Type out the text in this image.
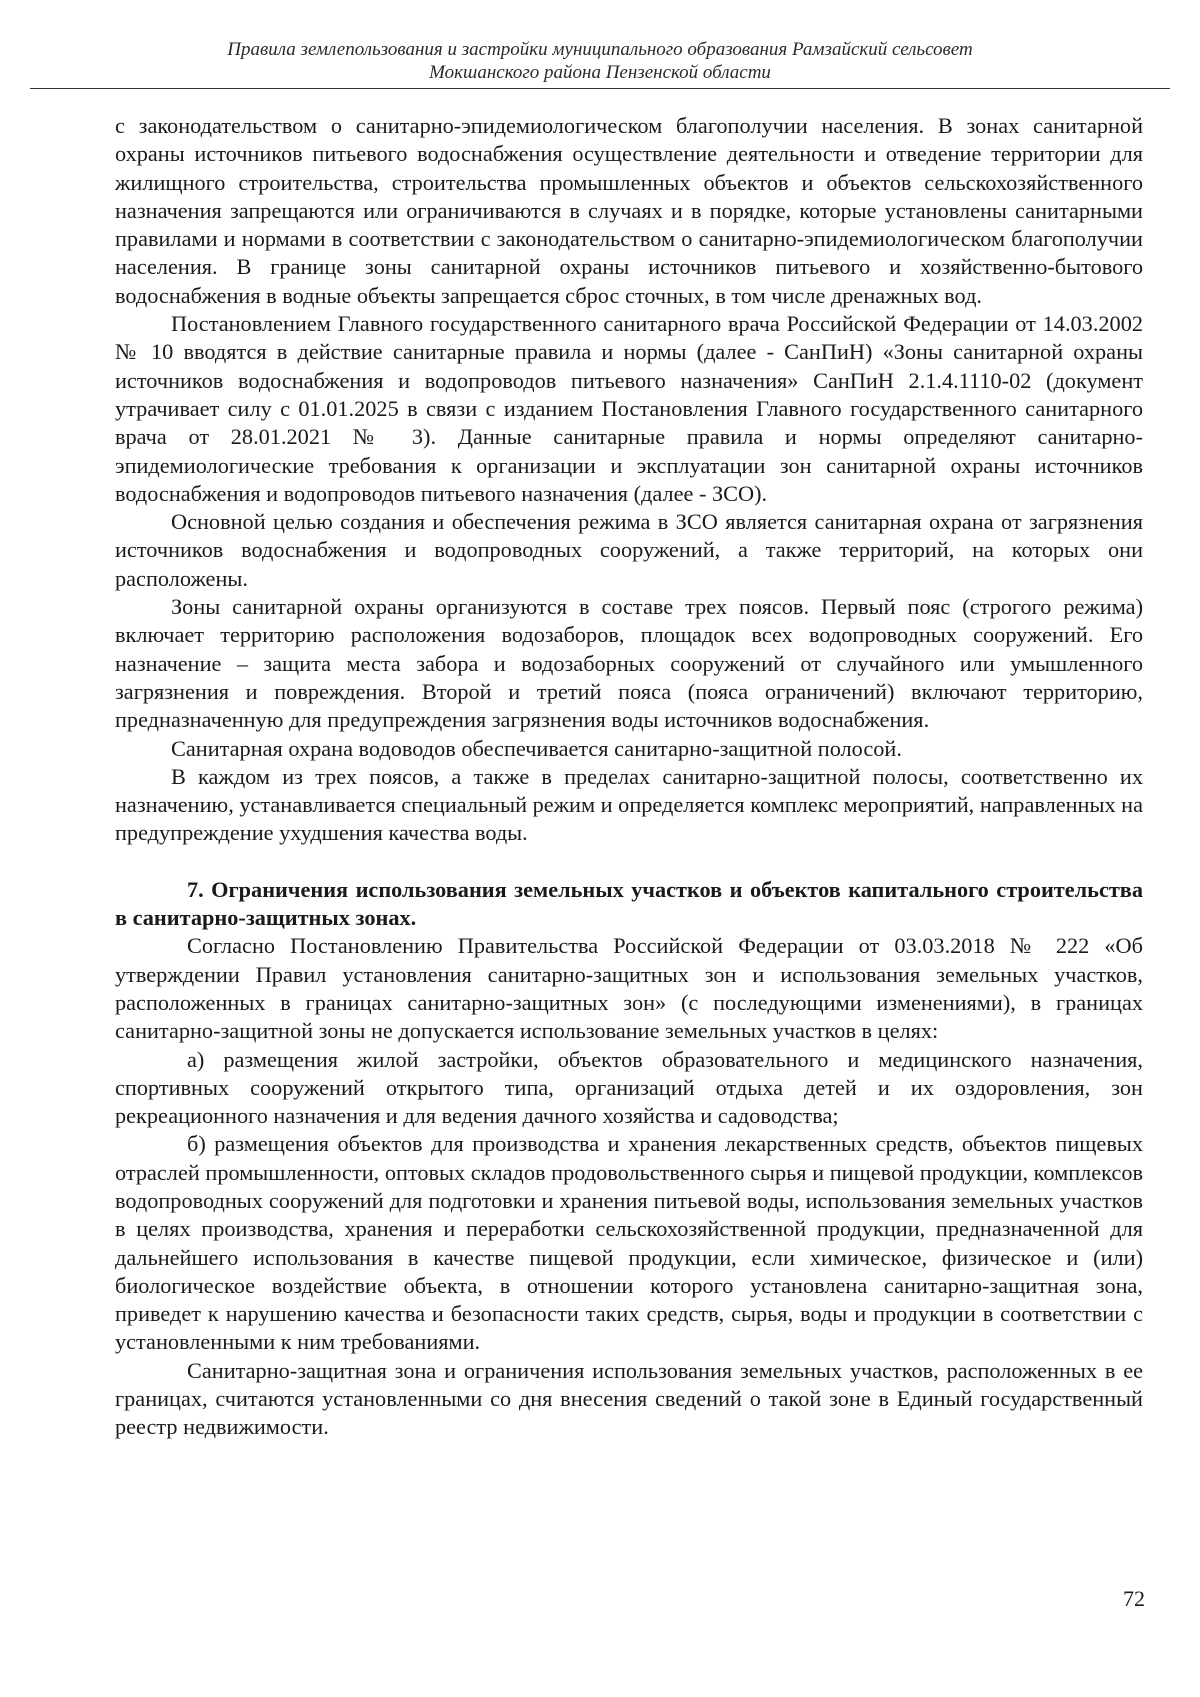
Правила землепользования и застройки муниципального образования Рамзайский сельсовет
Мокшанского района Пензенской области

с законодательством о санитарно-эпидемиологическом благополучии населения. В зонах санитарной охраны источников питьевого водоснабжения осуществление деятельности и отведение территории для жилищного строительства, строительства промышленных объектов и объектов сельскохозяйственного назначения запрещаются или ограничиваются в случаях и в порядке, которые установлены санитарными правилами и нормами в соответствии с законодательством о санитарно-эпидемиологическом благополучии населения. В границе зоны санитарной охраны источников питьевого и хозяйственно-бытового водоснабжения в водные объекты запрещается сброс сточных, в том числе дренажных вод.

Постановлением Главного государственного санитарного врача Российской Федерации от 14.03.2002 № 10 вводятся в действие санитарные правила и нормы (далее - СанПиН) «Зоны санитарной охраны источников водоснабжения и водопроводов питьевого назначения» СанПиН 2.1.4.1110-02 (документ утрачивает силу с 01.01.2025 в связи с изданием Постановления Главного государственного санитарного врача от 28.01.2021 № 3). Данные санитарные правила и нормы определяют санитарно-эпидемиологические требования к организации и эксплуатации зон санитарной охраны источников водоснабжения и водопроводов питьевого назначения (далее - ЗСО).

Основной целью создания и обеспечения режима в ЗСО является санитарная охрана от загрязнения источников водоснабжения и водопроводных сооружений, а также территорий, на которых они расположены.

Зоны санитарной охраны организуются в составе трех поясов. Первый пояс (строгого режима) включает территорию расположения водозаборов, площадок всех водопроводных сооружений. Его назначение – защита места забора и водозаборных сооружений от случайного или умышленного загрязнения и повреждения. Второй и третий пояса (пояса ограничений) включают территорию, предназначенную для предупреждения загрязнения воды источников водоснабжения.

Санитарная охрана водоводов обеспечивается санитарно-защитной полосой.

В каждом из трех поясов, а также в пределах санитарно-защитной полосы, соответственно их назначению, устанавливается специальный режим и определяется комплекс мероприятий, направленных на предупреждение ухудшения качества воды.

7. Ограничения использования земельных участков и объектов капитального строительства в санитарно-защитных зонах.

Согласно Постановлению Правительства Российской Федерации от 03.03.2018 № 222 «Об утверждении Правил установления санитарно-защитных зон и использования земельных участков, расположенных в границах санитарно-защитных зон» (с последующими изменениями), в границах санитарно-защитной зоны не допускается использование земельных участков в целях:

а) размещения жилой застройки, объектов образовательного и медицинского назначения, спортивных сооружений открытого типа, организаций отдыха детей и их оздоровления, зон рекреационного назначения и для ведения дачного хозяйства и садоводства;

б) размещения объектов для производства и хранения лекарственных средств, объектов пищевых отраслей промышленности, оптовых складов продовольственного сырья и пищевой продукции, комплексов водопроводных сооружений для подготовки и хранения питьевой воды, использования земельных участков в целях производства, хранения и переработки сельскохозяйственной продукции, предназначенной для дальнейшего использования в качестве пищевой продукции, если химическое, физическое и (или) биологическое воздействие объекта, в отношении которого установлена санитарно-защитная зона, приведет к нарушению качества и безопасности таких средств, сырья, воды и продукции в соответствии с установленными к ним требованиями.

Санитарно-защитная зона и ограничения использования земельных участков, расположенных в ее границах, считаются установленными со дня внесения сведений о такой зоне в Единый государственный реестр недвижимости.

72
